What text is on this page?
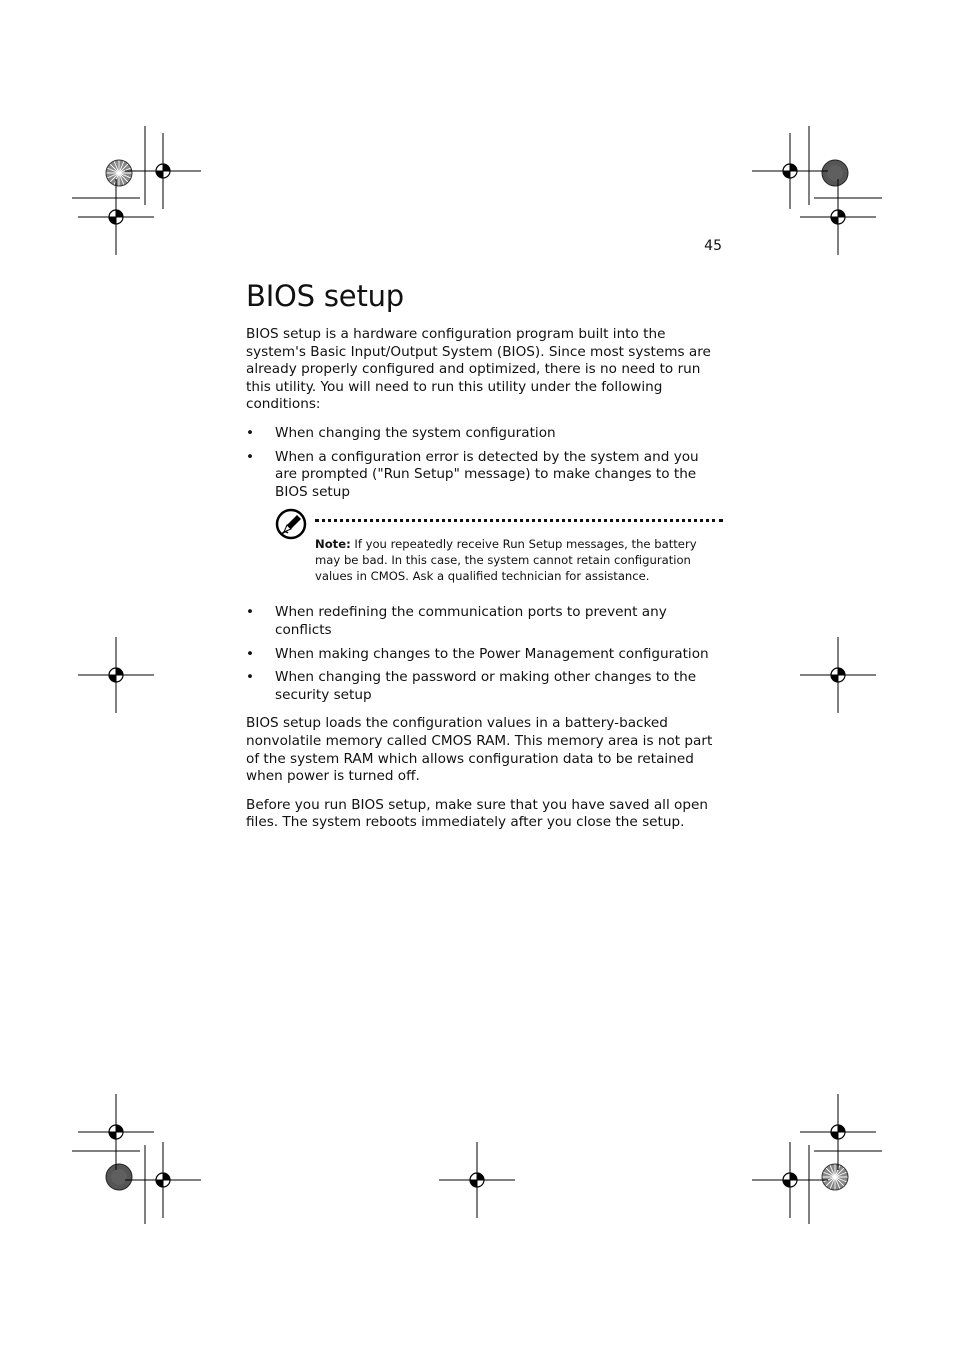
45
BIOS setup

BIOS setup is a hardware configuration program built into the system's Basic Input/Output System (BIOS). Since most systems are already properly configured and optimized, there is no need to run this utility. You will need to run this utility under the following conditions:

• When changing the system configuration
• When a configuration error is detected by the system and you are prompted ("Run Setup" message) to make changes to the BIOS setup
Note: If you repeatedly receive Run Setup messages, the battery may be bad. In this case, the system cannot retain configuration values in CMOS. Ask a qualified technician for assistance.
• When redefining the communication ports to prevent any conflicts
• When making changes to the Power Management configuration
• When changing the password or making other changes to the security setup

BIOS setup loads the configuration values in a battery-backed nonvolatile memory called CMOS RAM. This memory area is not part of the system RAM which allows configuration data to be retained when power is turned off.

Before you run BIOS setup, make sure that you have saved all open files. The system reboots immediately after you close the setup.
